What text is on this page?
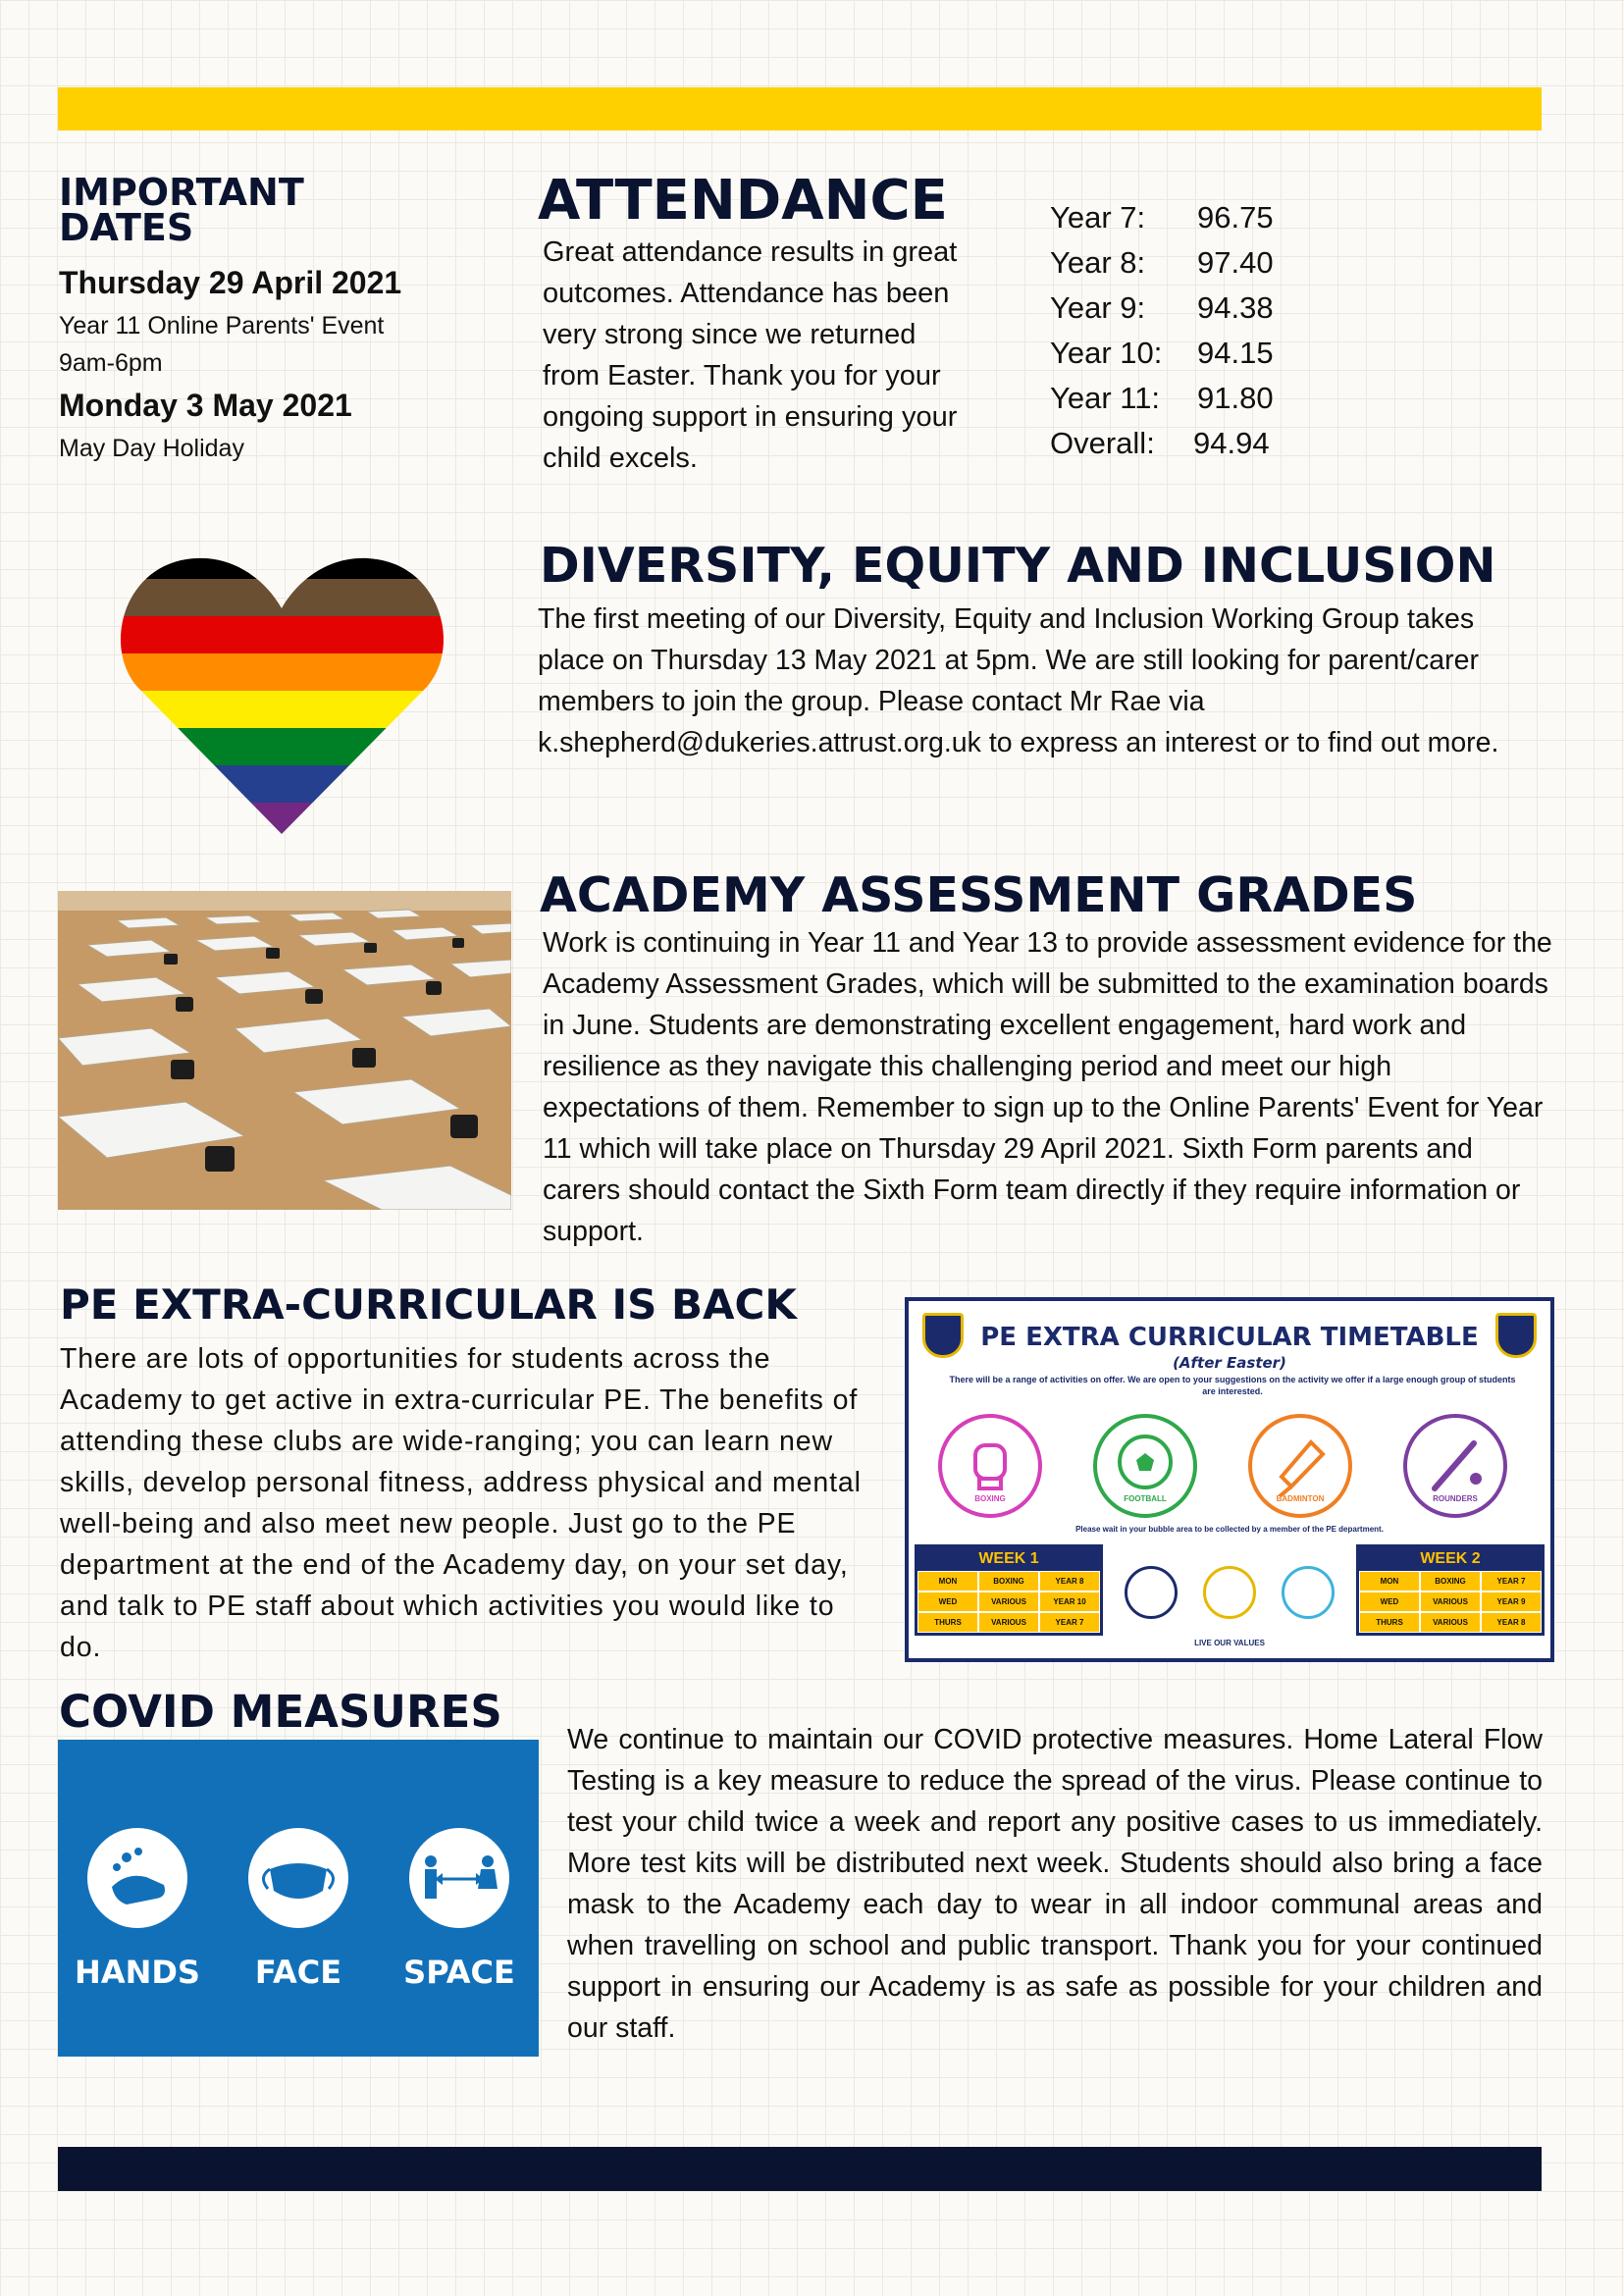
IMPORTANT DATES
Thursday 29 April 2021
Year 11 Online Parents' Event
9am-6pm
Monday 3 May 2021
May Day Holiday
ATTENDANCE
Great attendance results in great outcomes. Attendance has been very strong since we returned from Easter. Thank you for your ongoing support in ensuring your child excels.
Year 7:	96.75
Year 8:	97.40
Year 9:	94.38
Year 10:	94.15
Year 11:	91.80
Overall:	94.94
DIVERSITY, EQUITY AND INCLUSION
The first meeting of our Diversity, Equity and Inclusion Working Group takes place on Thursday 13 May 2021 at 5pm. We are still looking for parent/carer members to join the group. Please contact Mr Rae via k.shepherd@dukeries.attrust.org.uk to express an interest or to find out more.
ACADEMY ASSESSMENT GRADES
Work is continuing in Year 11 and Year 13 to provide assessment evidence for the Academy Assessment Grades, which will be submitted to the examination boards in June. Students are demonstrating excellent engagement, hard work and resilience as they navigate this challenging period and meet our high expectations of them. Remember to sign up to the Online Parents' Event for Year 11 which will take place on Thursday 29 April 2021. Sixth Form parents and carers should contact the Sixth Form team directly if they require information or support.
PE EXTRA-CURRICULAR IS BACK
There are lots of opportunities for students across the Academy to get active in extra-curricular PE. The benefits of attending these clubs are wide-ranging; you can learn new skills, develop personal fitness, address physical and mental well-being and also meet new people. Just go to the PE department at the end of the Academy day, on your set day, and talk to PE staff about which activities you would like to do.
PE EXTRA CURRICULAR TIMETABLE
(After Easter)
There will be a range of activities on offer. We are open to your suggestions on the activity we offer if a large enough group of students are interested.
BOXING	FOOTBALL	BADMINTON	ROUNDERS
Please wait in your bubble area to be collected by a member of the PE department.
WEEK 1
MON	BOXING	YEAR 8
WED	VARIOUS	YEAR 10
THURS	VARIOUS	YEAR 7
WEEK 2
MON	BOXING	YEAR 7
WED	VARIOUS	YEAR 9
THURS	VARIOUS	YEAR 8
LIVE OUR VALUES
COVID MEASURES
HANDS	FACE	SPACE
We continue to maintain our COVID protective measures. Home Lateral Flow Testing is a key measure to reduce the spread of the virus. Please continue to test your child twice a week and report any positive cases to us immediately. More test kits will be distributed next week. Students should also bring a face mask to the Academy each day to wear in all indoor communal areas and when travelling on school and public transport. Thank you for your continued support in ensuring our Academy is as safe as possible for your children and our staff.
